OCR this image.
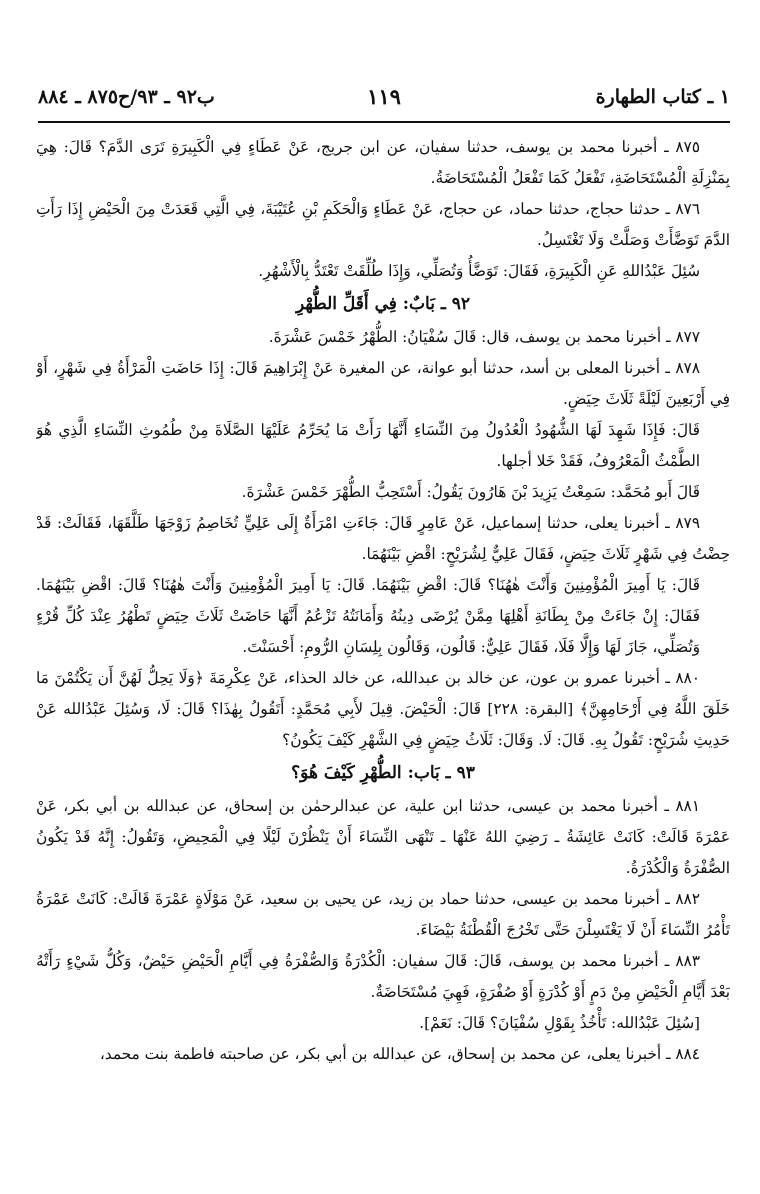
١ ـ كتاب الطهارة
١١٩
ب٩٢ ـ ٩٣/ح٨٧٥ ـ ٨٨٤

٨٧٥ ـ أخبرنا محمد بن يوسف، حدثنا سفيان، عن ابن جريج، عَنْ عَطَاءٍ فِي الْكَبِيرَةِ تَرَى الدَّمَ؟ قَالَ: هِيَ بِمَنْزِلَةِ الْمُسْتَحَاضَةِ، تَفْعَلُ كَمَا تَفْعَلُ الْمُسْتَحَاضَةُ.

٨٧٦ ـ حدثنا حجاج، حدثنا حماد، عن حجاج، عَنْ عَطَاءٍ وَالْحَكَمِ بْنِ عُتَيْبَةَ، فِي الَّتِي قَعَدَتْ مِنَ الْحَيْضِ إِذَا رَأَتِ الدَّمَ تَوَضَّأَتْ وَصَلَّتْ وَلَا تَغْتَسِلُ.

سُئِلَ عَبْدُاللهِ عَنِ الْكَبِيرَةِ، فَقَالَ: تَوَضَّأُ وَتُصَلِّي، وَإِذَا طُلِّقَتْ تَعْتَدُّ بِالْأَشْهُرِ.

٩٢ ـ بَابٌ: فِي أَقَلِّ الطُّهْرِ

٨٧٧ ـ أخبرنا محمد بن يوسف، قال: قَالَ سُفْيَانُ: الطُّهْرُ خَمْسَ عَشْرَةَ.

٨٧٨ ـ أخبرنا المعلى بن أسد، حدثنا أبو عوانة، عن المغيرة عَنْ إِبْرَاهِيمَ قَالَ: إِذَا حَاضَتِ الْمَرْأَةُ فِي شَهْرٍ، أَوْ فِي أَرْبَعِينَ لَيْلَةً ثَلَاثَ حِيَضٍ.

قَالَ: فَإِذَا شَهِدَ لَهَا الشُّهُودُ الْعُدُولُ مِنَ النِّسَاءِ أَنَّهَا رَأَتْ مَا يُحَرِّمُ عَلَيْهَا الصَّلَاةَ مِنْ طُمُوثِ النِّسَاءِ الَّذِي هُوَ الطَّمْثُ الْمَعْرُوفُ، فَقَدْ خَلا أجلها.

قَالَ أَبو مُحَمَّد: سَمِعْتُ يَزِيدَ بْنَ هَارُونَ يَقُولُ: أَسْتَحِبُّ الطُّهْرَ خَمْسَ عَشْرَةَ.

٨٧٩ ـ أخبرنا يعلى، حدثنا إسماعيل، عَنْ عَامِرٍ قَالَ: جَاءَتِ امْرَأَةٌ إِلَى عَلِيٍّ تُخَاصِمُ زَوْجَهَا طَلَّقَهَا، فَقَالَتْ: قَدْ حِضْتُ فِي شَهْرٍ ثَلَاثَ حِيَضٍ، فَقَالَ عَلِيٌّ لِشُرَيْحٍ: اقْضِ بَيْنَهُمَا.

قَالَ: يَا أَمِيرَ الْمُؤْمِنِينَ وَأَنْتَ هٰهُنَا؟ قَالَ: اقْضِ بَيْنَهُمَا. قَالَ: يَا أَمِيرَ الْمُؤْمِنِينَ وَأَنْتَ هٰهُنَا؟ قَالَ: اقْضِ بَيْنَهُمَا. فَقَالَ: إِنْ جَاءَتْ مِنْ بِطَانَةِ أَهْلِهَا مِمَّنْ يُرْضَى دِينُهُ وَأَمَانَتُهُ تَزْعُمُ أَنَّهَا حَاضَتْ ثَلَاثَ حِيَضٍ تَطْهُرُ عِنْدَ كُلِّ قُرْءٍ وَتُصَلِّي، جَازَ لَهَا وَإِلَّا فَلَا، فَقَالَ عَلِيٌّ: قَالُون، وَقَالُون بِلِسَانِ الرُّومِ: أَحْسَنْتَ.

٨٨٠ ـ أخبرنا عمرو بن عون، عن خالد بن عبدالله، عن خالد الحذاء، عَنْ عِكْرِمَةَ ﴿وَلَا يَحِلُّ لَهُنَّ أَن يَكْتُمْنَ مَا خَلَقَ اللَّهُ فِي أَرْحَامِهِنَّ﴾ [البقرة: ٢٢٨] قَالَ: الْحَيْضَ. قِيلَ لأَبِي مُحَمَّدٍ: أَتَقُولُ بِهٰذَا؟ قَالَ: لَا، وَسُئِلَ عَبْدُالله عَنْ حَدِيثِ شُرَيْحٍ: تَقُولُ بِهِ. قَالَ: لَا. وَقَالَ: ثَلَاثُ حِيَضٍ فِي الشَّهْرِ كَيْفَ يَكُونُ؟

٩٣ ـ بَاب: الطُّهْرِ كَيْفَ هُوَ؟

٨٨١ ـ أخبرنا محمد بن عيسى، حدثنا ابن علية، عن عبدالرحمٰن بن إسحاق، عن عبدالله بن أبي بكر، عَنْ عَمْرَةَ قَالَتْ: كَانَتْ عَائِشَةُ ـ رَضِيَ اللهُ عَنْهَا ـ تَنْهَى النِّسَاءَ أَنْ يَنْظُرْنَ لَيْلًا فِي الْمَحِيضِ، وَتَقُولُ: إِنَّهُ قَدْ يَكُونُ الصُّفْرَةُ وَالْكُدْرَةُ.

٨٨٢ ـ أخبرنا محمد بن عيسى، حدثنا حماد بن زيد، عن يحيى بن سعيد، عَنْ مَوْلَاةٍ عَمْرَةَ قَالَتْ: كَانَتْ عَمْرَةُ تَأْمُرُ النِّسَاءَ أَنْ لَا يَغْتَسِلْنَ حَتَّى تَخْرُجَ الْقُطْنَةُ بَيْضَاءَ.

٨٨٣ ـ أخبرنا محمد بن يوسف، قَالَ: قَالَ سفيان: الْكُدْرَةُ وَالصُّفْرَةُ فِي أَيَّامِ الْحَيْضِ حَيْضٌ، وَكُلُّ شَيْءٍ رَأَتْهُ بَعْدَ أَيَّامِ الْحَيْضِ مِنْ دَمٍ أَوْ كُدْرَةٍ أَوْ صُفْرَةٍ، فَهِيَ مُسْتَحَاضَةٌ.

[سُئِلَ عَبْدُالله: تَأْخُذُ بِقَوْلِ سُفْيَانَ؟ قَالَ: نَعَمْ].

٨٨٤ ـ أخبرنا يعلى، عن محمد بن إسحاق، عن عبدالله بن أبي بكر، عن صاحبته فاطمة بنت محمد،
